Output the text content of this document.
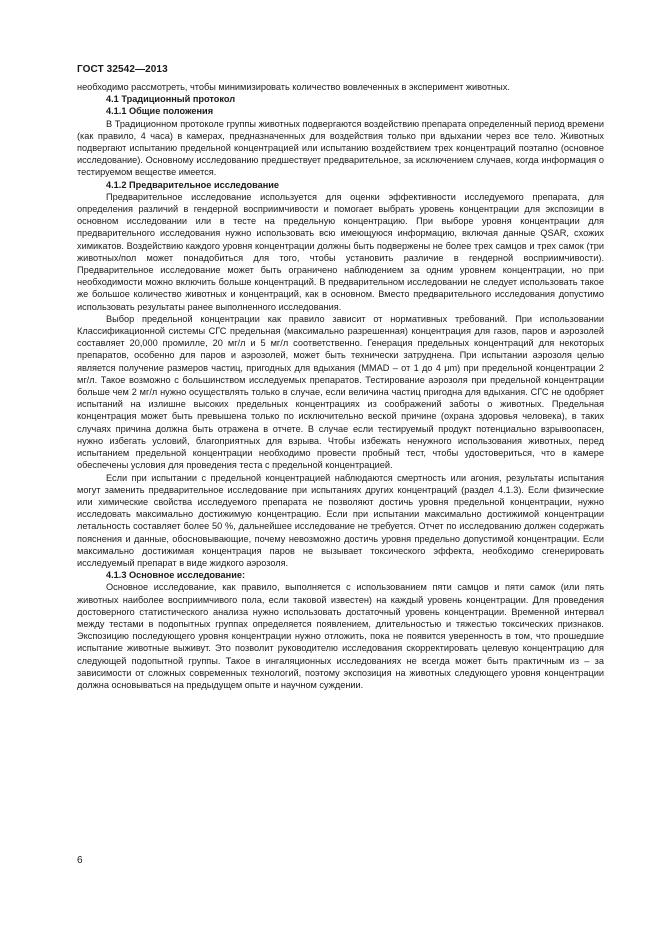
ГОСТ 32542—2013

необходимо рассмотреть, чтобы минимизировать количество вовлеченных в эксперимент животных.

4.1 Традиционный протокол

4.1.1 Общие положения

В Традиционном протоколе группы животных подвергаются воздействию препарата определенный период времени (как правило, 4 часа) в камерах, предназначенных для воздействия только при вдыхании через все тело. Животных подвергают испытанию предельной концентрацией или испытанию воздействием трех концентраций поэтапно (основное исследование). Основному исследованию предшествует предварительное, за исключением случаев, когда информация о тестируемом веществе имеется.

4.1.2 Предварительное исследование

Предварительное исследование используется для оценки эффективности исследуемого препарата, для определения различий в гендерной восприимчивости и помогает выбрать уровень концентрации для экспозиции в основном исследовании или в тесте на предельную концентрацию. При выборе уровня концентрации для предварительного исследования нужно использовать всю имеющуюся информацию, включая данные QSAR, схожих химикатов. Воздействию каждого уровня концентрации должны быть подвержены не более трех самцов и трех самок (три животных/пол может понадобиться для того, чтобы установить различие в гендерной восприимчивости). Предварительное исследование может быть ограничено наблюдением за одним уровнем концентрации, но при необходимости можно включить больше концентраций. В предварительном исследовании не следует использовать такое же большое количество животных и концентраций, как в основном. Вместо предварительного исследования допустимо использовать результаты ранее выполненного исследования.

Выбор предельной концентрации как правило зависит от нормативных требований. При использовании Классификационной системы СГС предельная (максимально разрешенная) концентрация для газов, паров и аэрозолей составляет 20,000 промилле, 20 мг/л и 5 мг/л соответственно. Генерация предельных концентраций для некоторых препаратов, особенно для паров и аэрозолей, может быть технически затруднена. При испытании аэрозоля целью является получение размеров частиц, пригодных для вдыхания (MMAD – от 1 до 4 μm) при предельной концентрации 2 мг/л. Такое возможно с большинством исследуемых препаратов. Тестирование аэрозоля при предельной концентрации больше чем 2 мг/л нужно осуществлять только в случае, если величина частиц пригодна для вдыхания. СГС не одобряет испытаний на излишне высоких предельных концентрациях из соображений заботы о животных. Предельная концентрация может быть превышена только по исключительно веской причине (охрана здоровья человека), в таких случаях причина должна быть отражена в отчете. В случае если тестируемый продукт потенциально взрывоопасен, нужно избегать условий, благоприятных для взрыва. Чтобы избежать ненужного использования животных, перед испытанием предельной концентрации необходимо провести пробный тест, чтобы удостовериться, что в камере обеспечены условия для проведения теста с предельной концентрацией.

Если при испытании с предельной концентрацией наблюдаются смертность или агония, результаты испытания могут заменить предварительное исследование при испытаниях других концентраций (раздел 4.1.3). Если физические или химические свойства исследуемого препарата не позволяют достичь уровня предельной концентрации, нужно исследовать максимально достижимую концентрацию. Если при испытании максимально достижимой концентрации летальность составляет более 50 %, дальнейшее исследование не требуется. Отчет по исследованию должен содержать пояснения и данные, обосновывающие, почему невозможно достичь уровня предельно допустимой концентрации. Если максимально достижимая концентрация паров не вызывает токсического эффекта, необходимо сгенерировать исследуемый препарат в виде жидкого аэрозоля.

4.1.3 Основное исследование:

Основное исследование, как правило, выполняется с использованием пяти самцов и пяти самок (или пять животных наиболее восприимчивого пола, если таковой известен) на каждый уровень концентрации. Для проведения достоверного статистического анализа нужно использовать достаточный уровень концентрации. Временной интервал между тестами в подопытных группах определяется появлением, длительностью и тяжестью токсических признаков. Экспозицию последующего уровня концентрации нужно отложить, пока не появится уверенность в том, что прошедшие испытание животные выживут. Это позволит руководителю исследования скорректировать целевую концентрацию для следующей подопытной группы. Такое в ингаляционных исследованиях не всегда может быть практичным из – за зависимости от сложных современных технологий, поэтому экспозиция на животных следующего уровня концентрации должна основываться на предыдущем опыте и научном суждении.

6
